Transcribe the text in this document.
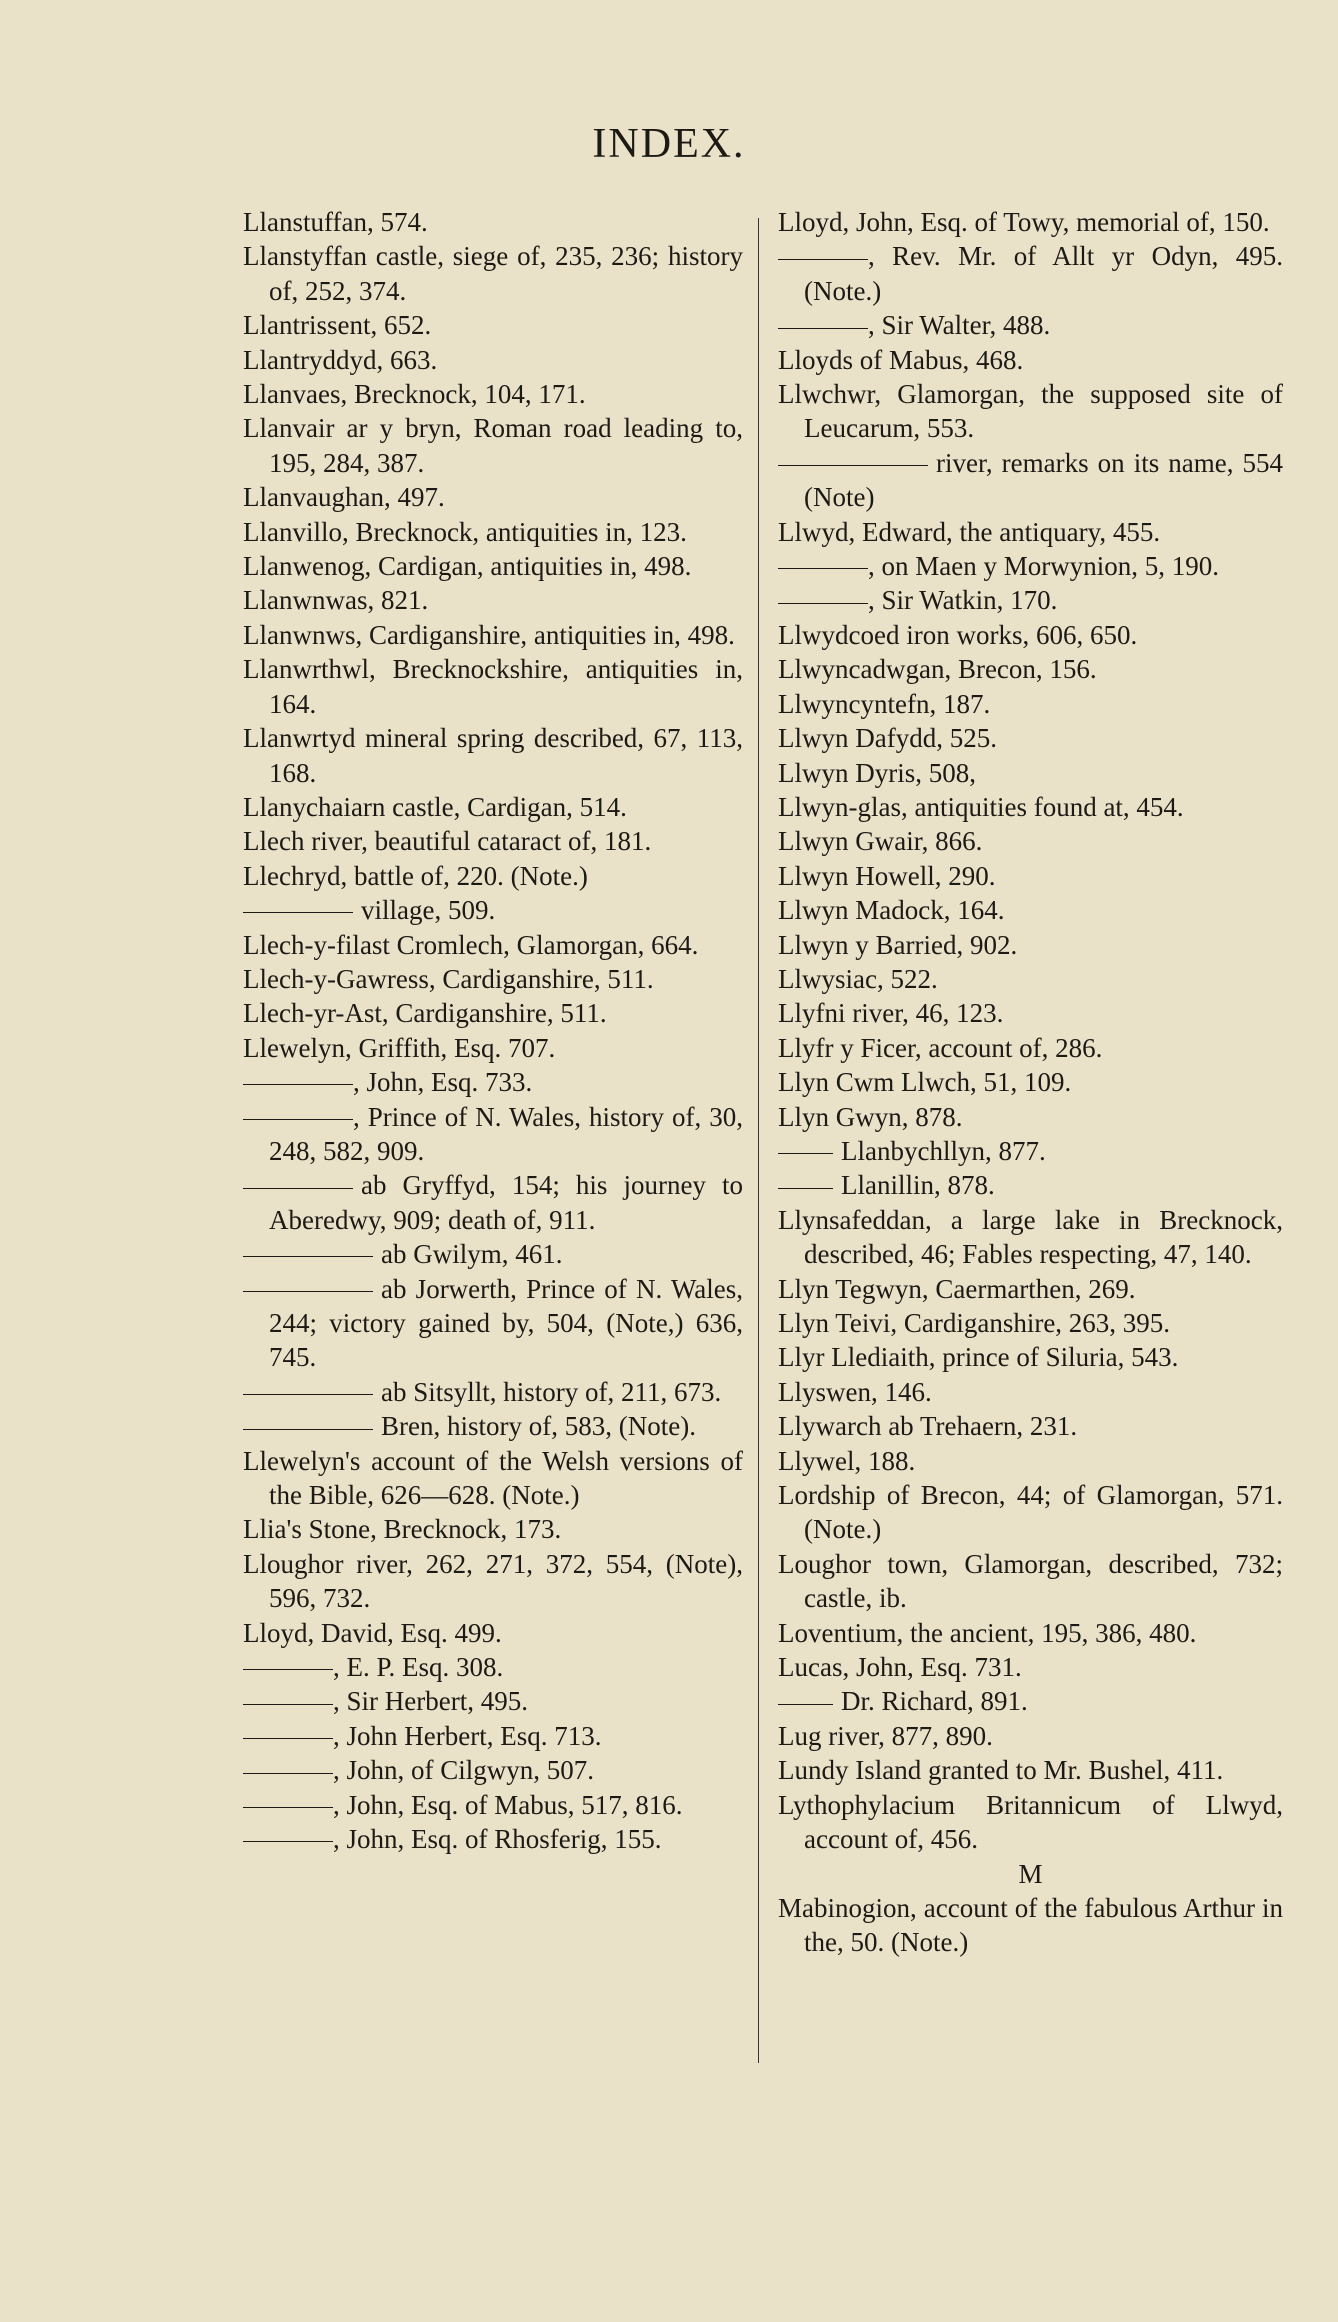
INDEX.
Llanstuffan, 574.
Llanstyffan castle, siege of, 235, 236; history of, 252, 374.
Llantrissent, 652.
Llantryddyd, 663.
Llanvaes, Brecknock, 104, 171.
Llanvair ar y bryn, Roman road leading to, 195, 284, 387.
Llanvaughan, 497.
Llanvillo, Brecknock, antiquities in, 123.
Llanwenog, Cardigan, antiquities in, 498.
Llanwnwas, 821.
Llanwnws, Cardiganshire, antiquities in, 498.
Llanwrthwl, Brecknockshire, antiquities in, 164.
Llanwrtyd mineral spring described, 67, 113, 168.
Llanychaiarn castle, Cardigan, 514.
Llech river, beautiful cataract of, 181.
Llechryd, battle of, 220. (Note.)
village, 509.
Llech-y-filast Cromlech, Glamorgan, 664.
Llech-y-Gawress, Cardiganshire, 511.
Llech-yr-Ast, Cardiganshire, 511.
Llewelyn, Griffith, Esq. 707.
, John, Esq. 733.
, Prince of N. Wales, history of, 30, 248, 582, 909.
ab Gryffyd, 154; his journey to Aberedwy, 909; death of, 911.
ab Gwilym, 461.
ab Jorwerth, Prince of N. Wales, 244; victory gained by, 504, (Note,) 636, 745.
ab Sitsyllt, history of, 211, 673.
Bren, history of, 583, (Note).
Llewelyn's account of the Welsh versions of the Bible, 626—628. (Note.)
Llia's Stone, Brecknock, 173.
Lloughor river, 262, 271, 372, 554, (Note), 596, 732.
Lloyd, David, Esq. 499.
, E. P. Esq. 308.
, Sir Herbert, 495.
, John Herbert, Esq. 713.
, John, of Cilgwyn, 507.
, John, Esq. of Mabus, 517, 816.
, John, Esq. of Rhosferig, 155.
Lloyd, John, Esq. of Towy, memorial of, 150.
, Rev. Mr. of Allt yr Odyn, 495. (Note.)
, Sir Walter, 488.
Lloyds of Mabus, 468.
Llwchwr, Glamorgan, the supposed site of Leucarum, 553.
river, remarks on its name, 554 (Note)
Llwyd, Edward, the antiquary, 455.
, on Maen y Morwynion, 5, 190.
, Sir Watkin, 170.
Llwydcoed iron works, 606, 650.
Llwyncadwgan, Brecon, 156.
Llwyncyntefn, 187.
Llwyn Dafydd, 525.
Llwyn Dyris, 508,
Llwyn-glas, antiquities found at, 454.
Llwyn Gwair, 866.
Llwyn Howell, 290.
Llwyn Madock, 164.
Llwyn y Barried, 902.
Llwysiac, 522.
Llyfni river, 46, 123.
Llyfr y Ficer, account of, 286.
Llyn Cwm Llwch, 51, 109.
Llyn Gwyn, 878.
Llanbychllyn, 877.
Llanillin, 878.
Llynsafeddan, a large lake in Brecknock, described, 46; Fables respecting, 47, 140.
Llyn Tegwyn, Caermarthen, 269.
Llyn Teivi, Cardiganshire, 263, 395.
Llyr Llediaith, prince of Siluria, 543.
Llyswen, 146.
Llywarch ab Trehaern, 231.
Llywel, 188.
Lordship of Brecon, 44; of Glamorgan, 571. (Note.)
Loughor town, Glamorgan, described, 732; castle, ib.
Loventium, the ancient, 195, 386, 480.
Lucas, John, Esq. 731.
Dr. Richard, 891.
Lug river, 877, 890.
Lundy Island granted to Mr. Bushel, 411.
Lythophylacium Britannicum of Llwyd, account of, 456.
M
Mabinogion, account of the fabulous Arthur in the, 50. (Note.)
